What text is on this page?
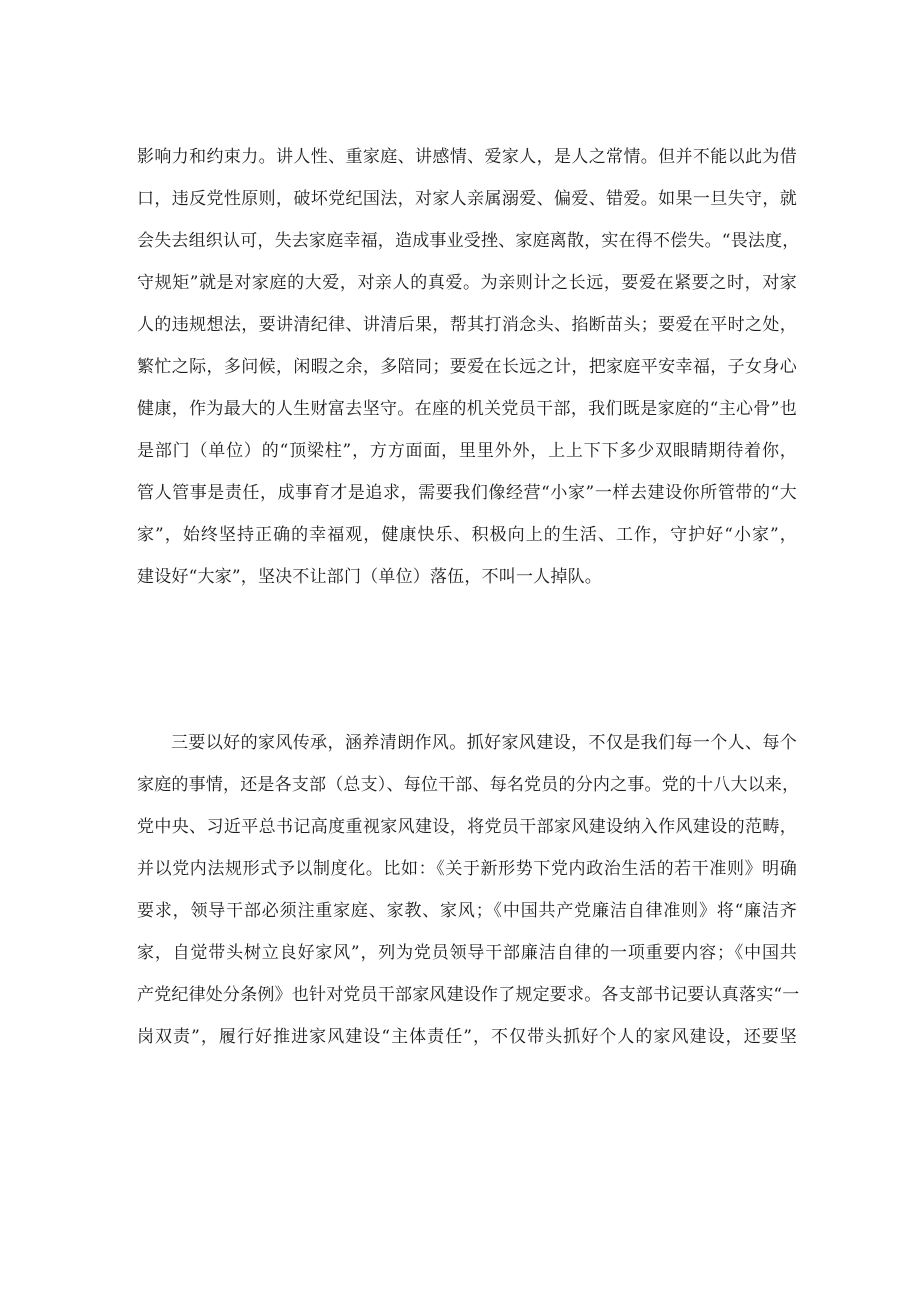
影响力和约束力。讲人性、重家庭、讲感情、爱家人，是人之常情。但并不能以此为借
口，违反党性原则，破坏党纪国法，对家人亲属溺爱、偏爱、错爱。如果一旦失守，就
会失去组织认可，失去家庭幸福，造成事业受挫、家庭离散，实在得不偿失。“畏法度，
守规矩”就是对家庭的大爱，对亲人的真爱。为亲则计之长远，要爱在紧要之时，对家
人的违规想法，要讲清纪律、讲清后果，帮其打消念头、掐断苗头；要爱在平时之处，
繁忙之际，多问候，闲暇之余，多陪同；要爱在长远之计，把家庭平安幸福，子女身心
健康，作为最大的人生财富去坚守。在座的机关党员干部，我们既是家庭的“主心骨”也
是部门（单位）的“顶梁柱”，方方面面，里里外外，上上下下多少双眼睛期待着你，
管人管事是责任，成事育才是追求，需要我们像经营“小家”一样去建设你所管带的“大
家”，始终坚持正确的幸福观，健康快乐、积极向上的生活、工作，守护好“小家”，
建设好“大家”，坚决不让部门（单位）落伍，不叫一人掉队。
三要以好的家风传承，涵养清朗作风。抓好家风建设，不仅是我们每一个人、每个
家庭的事情，还是各支部（总支）、每位干部、每名党员的分内之事。党的十八大以来，
党中央、习近平总书记高度重视家风建设，将党员干部家风建设纳入作风建设的范畴，
并以党内法规形式予以制度化。比如：《关于新形势下党内政治生活的若干准则》明确
要求，领导干部必须注重家庭、家教、家风；《中国共产党廉洁自律准则》将“廉洁齐
家，自觉带头树立良好家风”，列为党员领导干部廉洁自律的一项重要内容；《中国共
产党纪律处分条例》也针对党员干部家风建设作了规定要求。各支部书记要认真落实“一
岗双责”，履行好推进家风建设“主体责任”，不仅带头抓好个人的家风建设，还要坚
